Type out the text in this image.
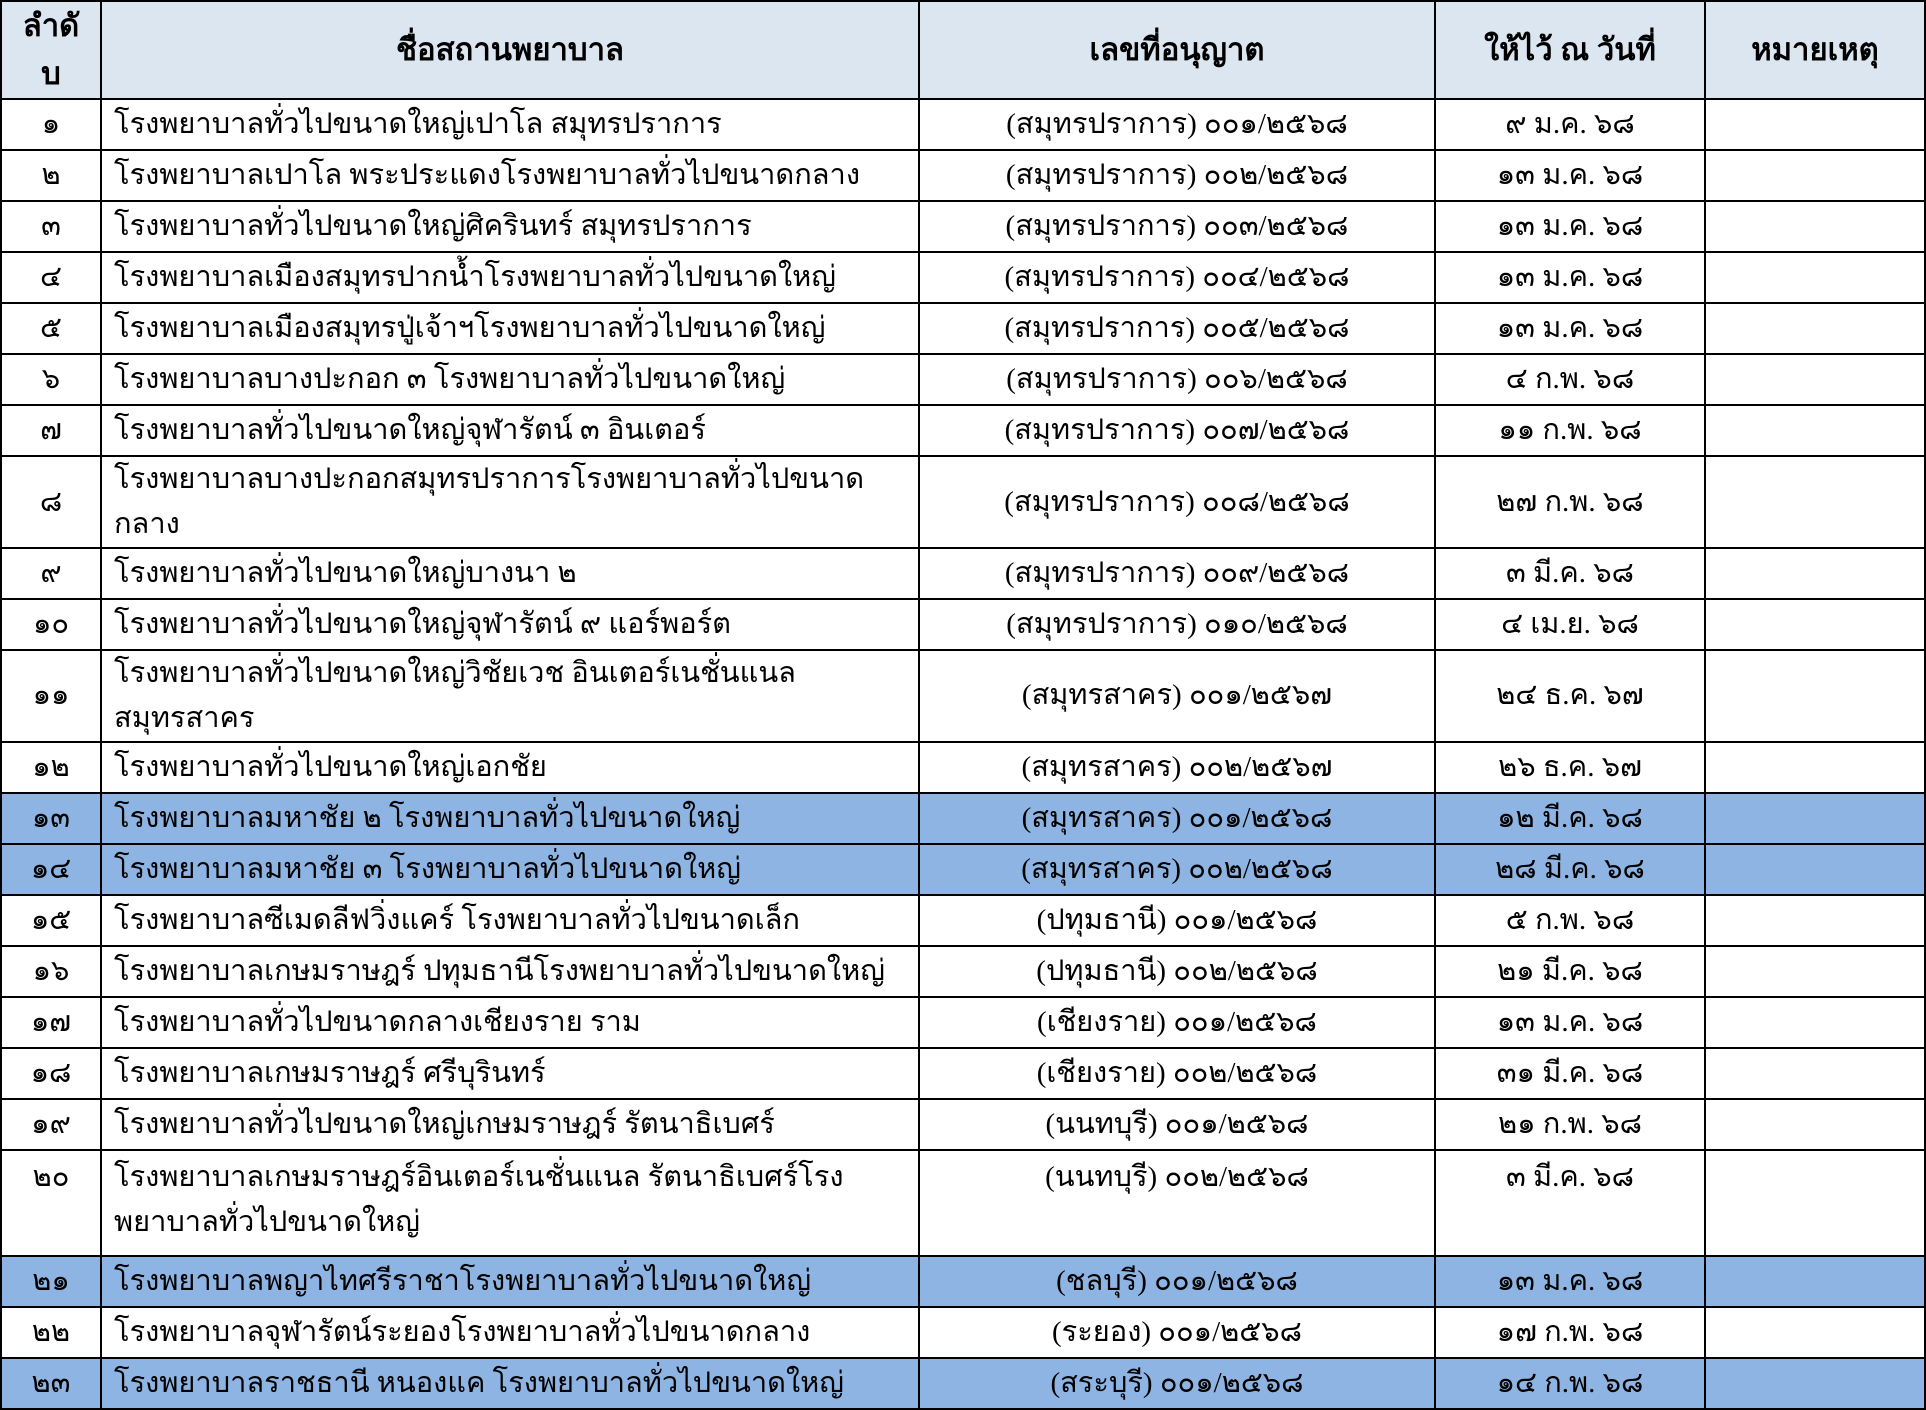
ลำดับ	ชื่อสถานพยาบาล	เลขที่อนุญาต	ให้ไว้ ณ วันที่	หมายเหตุ
๑	โรงพยาบาลทั่วไปขนาดใหญ่เปาโล สมุทรปราการ	(สมุทรปราการ) ๐๐๑/๒๕๖๘	๙ ม.ค. ๖๘	
๒	โรงพยาบาลเปาโล พระประแดงโรงพยาบาลทั่วไปขนาดกลาง	(สมุทรปราการ) ๐๐๒/๒๕๖๘	๑๓ ม.ค. ๖๘	
๓	โรงพยาบาลทั่วไปขนาดใหญ่ศิครินทร์ สมุทรปราการ	(สมุทรปราการ) ๐๐๓/๒๕๖๘	๑๓ ม.ค. ๖๘	
๔	โรงพยาบาลเมืองสมุทรปากน้ำโรงพยาบาลทั่วไปขนาดใหญ่	(สมุทรปราการ) ๐๐๔/๒๕๖๘	๑๓ ม.ค. ๖๘	
๕	โรงพยาบาลเมืองสมุทรปู่เจ้าฯโรงพยาบาลทั่วไปขนาดใหญ่	(สมุทรปราการ) ๐๐๕/๒๕๖๘	๑๓ ม.ค. ๖๘	
๖	โรงพยาบาลบางปะกอก ๓ โรงพยาบาลทั่วไปขนาดใหญ่	(สมุทรปราการ) ๐๐๖/๒๕๖๘	๔ ก.พ. ๖๘	
๗	โรงพยาบาลทั่วไปขนาดใหญ่จุฬารัตน์ ๓ อินเตอร์	(สมุทรปราการ) ๐๐๗/๒๕๖๘	๑๑ ก.พ. ๖๘	
๘	โรงพยาบาลบางปะกอกสมุทรปราการโรงพยาบาลทั่วไปขนาดกลาง	(สมุทรปราการ) ๐๐๘/๒๕๖๘	๒๗ ก.พ. ๖๘	
๙	โรงพยาบาลทั่วไปขนาดใหญ่บางนา ๒	(สมุทรปราการ) ๐๐๙/๒๕๖๘	๓ มี.ค. ๖๘	
๑๐	โรงพยาบาลทั่วไปขนาดใหญ่จุฬารัตน์ ๙ แอร์พอร์ต	(สมุทรปราการ) ๐๑๐/๒๕๖๘	๔ เม.ย. ๖๘	
๑๑	โรงพยาบาลทั่วไปขนาดใหญ่วิชัยเวช อินเตอร์เนชั่นแนล สมุทรสาคร	(สมุทรสาคร) ๐๐๑/๒๕๖๗	๒๔ ธ.ค. ๖๗	
๑๒	โรงพยาบาลทั่วไปขนาดใหญ่เอกชัย	(สมุทรสาคร) ๐๐๒/๒๕๖๗	๒๖ ธ.ค. ๖๗	
๑๓	โรงพยาบาลมหาชัย ๒ โรงพยาบาลทั่วไปขนาดใหญ่	(สมุทรสาคร) ๐๐๑/๒๕๖๘	๑๒ มี.ค. ๖๘	
๑๔	โรงพยาบาลมหาชัย ๓ โรงพยาบาลทั่วไปขนาดใหญ่	(สมุทรสาคร) ๐๐๒/๒๕๖๘	๒๘ มี.ค. ๖๘	
๑๕	โรงพยาบาลซีเมดลีฟวิ่งแคร์ โรงพยาบาลทั่วไปขนาดเล็ก	(ปทุมธานี) ๐๐๑/๒๕๖๘	๕ ก.พ. ๖๘	
๑๖	โรงพยาบาลเกษมราษฎร์ ปทุมธานีโรงพยาบาลทั่วไปขนาดใหญ่	(ปทุมธานี) ๐๐๒/๒๕๖๘	๒๑ มี.ค. ๖๘	
๑๗	โรงพยาบาลทั่วไปขนาดกลางเชียงราย ราม	(เชียงราย) ๐๐๑/๒๕๖๘	๑๓ ม.ค. ๖๘	
๑๘	โรงพยาบาลเกษมราษฎร์ ศรีบุรินทร์	(เชียงราย) ๐๐๒/๒๕๖๘	๓๑ มี.ค. ๖๘	
๑๙	โรงพยาบาลทั่วไปขนาดใหญ่เกษมราษฎร์ รัตนาธิเบศร์	(นนทบุรี) ๐๐๑/๒๕๖๘	๒๑ ก.พ. ๖๘	
๒๐	โรงพยาบาลเกษมราษฎร์อินเตอร์เนชั่นแนล รัตนาธิเบศร์โรงพยาบาลทั่วไปขนาดใหญ่	(นนทบุรี) ๐๐๒/๒๕๖๘	๓ มี.ค. ๖๘	
๒๑	โรงพยาบาลพญาไทศรีราชาโรงพยาบาลทั่วไปขนาดใหญ่	(ชลบุรี) ๐๐๑/๒๕๖๘	๑๓ ม.ค. ๖๘	
๒๒	โรงพยาบาลจุฬารัตน์ระยองโรงพยาบาลทั่วไปขนาดกลาง	(ระยอง) ๐๐๑/๒๕๖๘	๑๗ ก.พ. ๖๘	
๒๓	โรงพยาบาลราชธานี หนองแค โรงพยาบาลทั่วไปขนาดใหญ่	(สระบุรี) ๐๐๑/๒๕๖๘	๑๔ ก.พ. ๖๘	
